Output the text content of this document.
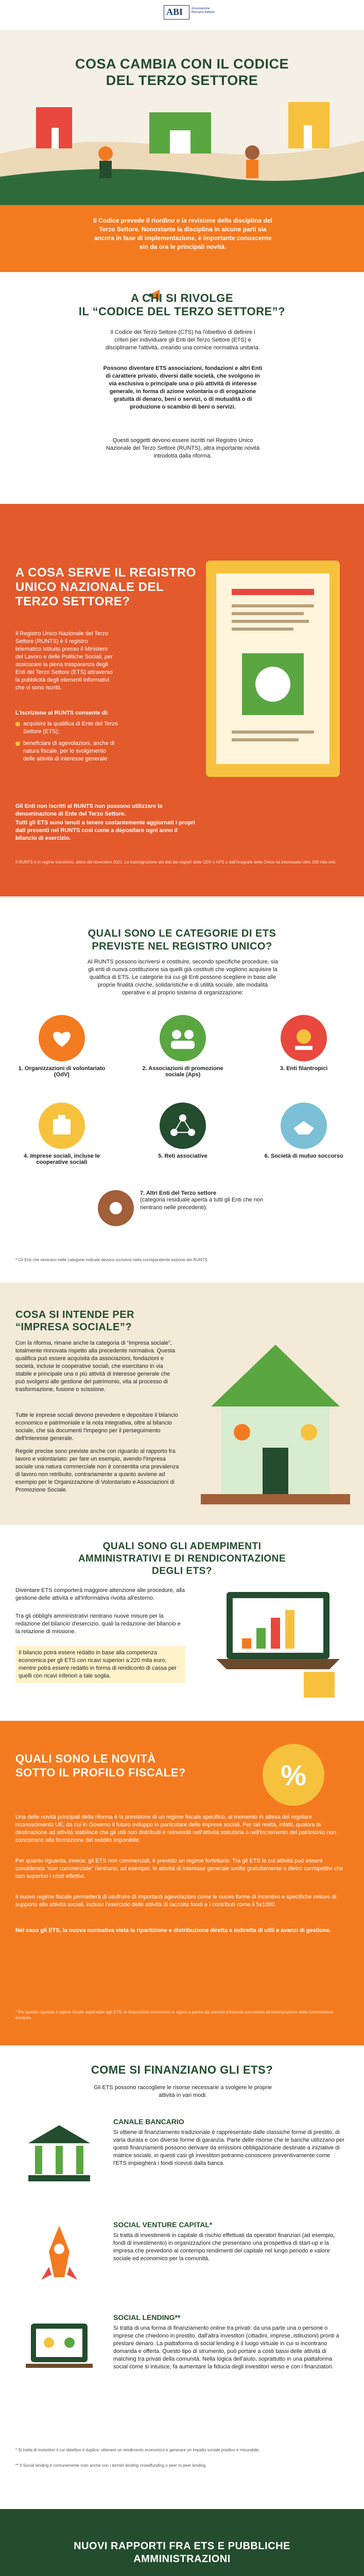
ABI	Associazione Bancaria Italiana
COSA CAMBIA CON IL CODICE
DEL TERZO SETTORE
Il Codice prevede il riordino e la revisione della disciplina del Terzo Settore. Nonostante la disciplina in alcune parti sia ancora in fase di implementazione, è importante conoscerne sin da ora le principali novità.
A CHI SI RIVOLGE
IL “CODICE DEL TERZO SETTORE”?
Il Codice del Terzo Settore (CTS) ha l'obiettivo di definire i criteri per individuare gli Enti del Terzo Settore (ETS) e disciplinarne l'attività, creando una cornice normativa unitaria.
Possono diventare ETS associazioni, fondazioni e altri Enti di carattere privato, diversi dalle società, che svolgono in via esclusiva o principale una o più attività di interesse generale, in forma di azione volontaria o di erogazione gratuita di denaro, beni o servizi, o di mutualità o di produzione o scambio di beni o servizi.
Questi soggetti devono essere iscritti nel Registro Unico Nazionale del Terzo Settore (RUNTS), altra importante novità introdotta dalla riforma.
A COSA SERVE IL REGISTRO
UNICO NAZIONALE DEL
TERZO SETTORE?
Il Registro Unico Nazionale del Terzo Settore (RUNTS) è il registro telematico istituito presso il Ministero del Lavoro e delle Politiche Sociali, per assicurare la piena trasparenza degli Enti del Terzo Settore (ETS) attraverso la pubblicità degli elementi informativi che vi sono iscritti.
L'iscrizione al RUNTS consente di:
acquisire la qualifica di Ente del Terzo Settore (ETS);
beneficiare di agevolazioni, anche di natura fiscale, per lo svolgimento delle attività di interesse generale
Gli Enti non iscritti al RUNTS non possono utilizzare la denominazione di Ente del Terzo Settore.
Tutti gli ETS sono tenuti a tenere costantemente aggiornati i propri dati presenti nel RUNTS così come a depositare ogni anno il bilancio di esercizio.
Il RUNTS è in regime transitorio, attivo dal novembre 2021. La trasmigrazione dei dati dai registri delle ODV e APS e dall'Anagrafe delle Onlus ha interessato oltre 100 mila enti.
QUALI SONO LE CATEGORIE DI ETS
PREVISTE NEL REGISTRO UNICO?
Al RUNTS possono iscriversi e costituire, secondo specifiche procedure, sia gli enti di nuova costituzione sia quelli già costituiti che vogliono acquisire la qualifica di ETS. Le categorie tra cui gli Enti possono scegliere in base alle proprie finalità civiche, solidaristiche e di utilità sociale, alle modalità operative e al proprio sistema di organizzazione:
1. Organizzazioni di volontariato (OdV)
2. Associazioni di promozione sociale (Aps)
3. Enti filantropici
4. Imprese sociali, incluse le cooperative sociali
5. Reti associative	6. Società di mutuo soccorso
7. Altri Enti del Terzo settore
(categoria residuale aperta a tutti gli Enti che non rientrano nelle precedenti).
* Gli Enti che rientrano nelle categorie indicate devono iscriversi nella corrispondente sezione del RUNTS.
COSA SI INTENDE PER
“IMPRESA SOCIALE”?
Con la riforma, rimane anche la categoria di “Impresa sociale”, totalmente rinnovata rispetto alla precedente normativa. Questa qualifica può essere acquisita da associazioni, fondazioni e società, incluse le cooperative sociali, che esercitano in via stabile e principale una o più attività di interesse generale che può svolgersi alle gestione del patrimonio, vita al processo di trasformazione, fusione o scissione.
Tutte le imprese sociali devono prevedere e depositare il bilancio economico e patrimoniale e la nota integrativa, oltre al bilancio sociale, che sia documenti l'impegno per il perseguimento dell'interesse generale.
Regole precise sono previste anche con riguardo al rapporto fra lavoro e volontariato: per fare un esempio, avendo l'impresa sociale una natura commerciale non è consentita una prevalenza di lavoro non retribuito, contrariamente a quanto avviene ad esempio per le Organizzazione di Volontariato e Associazioni di Promozione Sociale.
QUALI SONO GLI ADEMPIMENTI
AMMINISTRATIVI E DI RENDICONTAZIONE
DEGLI ETS?
Diventare ETS comporterà maggiore attenzione alle procedure, alla gestione delle attività e all'informativa rivolta all'esterno.
Tra gli obblighi amministrativi rientrano nuove misure per la redazione del bilancio d'esercizio, quali la redazione del bilancio e la relazione di missione.
Il bilancio potrà essere redatto in base alla competenza economica per gli ETS con ricavi superiori a 220 mila euro, mentre potrà essere redatto in forma di rendiconto di cassa per quelli con ricavi inferiori a tale soglia.
QUALI SONO LE NOVITÀ
SOTTO IL PROFILO FISCALE?	%
Una delle novità principali della riforma è la previsione di un regime fiscale specifico, al momento in attesa del regolare riconoscimento UE, da cui in Governo il futuro sviluppo in particolare delle imprese sociali. Per tali realtà, infatti, qualora la destinazione ad attività stabilisce che gli utili non distribuiti e reinvestiti nell'attività statutaria o nell'incremento del patrimonio non concorrano alla formazione del reddito imponibile.
Per quanto riguarda, invece, gli ETS non commerciali, è previsto un regime forfettario. Tra gli ETS la cui attività può essere considerata “non commerciale” rientrano, ad esempio, le attività di interesse generale svolte gratuitamente o dietro corrispettivi che non superino i costi effettivi.
Il nuovo regime fiscale permetterà di usufruire di importanti agevolazioni come le nuove forme di incentivo e specifiche misure di supporto alle attività sociali, incluso l'esercizio delle attività di raccolta fondi e i contributi come il 5x1000.
Nel caso gli ETS, la nuova normativa vieta la ripartizione e distribuzione diretta e indiretta di utili e avanzi di gestione.
* Per quanto riguarda il regime fiscale applicabile agli ETS, le disposizioni entreranno in vigore a partire dal periodo d'imposta successivo all'autorizzazione della Commissione europea.
COME SI FINANZIANO GLI ETS?
Gli ETS possono raccogliere le risorse necessarie a svolgere le proprie attività in vari modi.
CANALE BANCARIO
Si ottiene di finanziamento tradizionale è rappresentato dalle classiche forme di prestito, di varia durata e con diverse forme di garanzia. Parte delle risorse che le banche utilizzano per questi finanziamenti possono derivare da emissioni obbligazionarie destinate a iniziative di matrice sociale, in questi casi gli investitori potranno conoscere preventivamente come l'ETS impiegherà i fondi ricevuti dalla banca.
SOCIAL VENTURE CAPITAL*
Si tratta di investimenti in capitale di rischio effettuati da operatori finanziari (ad esempio, fondi di investimento) in organizzazioni che presentano una prospettiva di start-up e la impresa che prevedono al contempo rendimenti del capitale nel lungo periodo e valore sociale ed economico per la comunità.
SOCIAL LENDING**
Si tratta di una forma di finanziamento online tra privati: da una parte una o persone o imprese che chiedono in prestito, dall'altra investitori (cittadini, imprese, istituzioni) pronti a prestare denaro. La piattaforma di social lending è il luogo virtuale in cui si incontrano domanda e offerta. Questo tipo di strumento, può portare a costi bassi delle attività di matching tra privati della comunità. Nella logica dell'aiuto, soprattutto in una piattaforma social come si intuisce, fa aumentare la fiducia degli investitori verso e con i finanziatori.
* Si tratta di investitori il cui obiettivo è duplice: ottenere un rendimento economico e generare un impatto sociale positivo e misurabile.
** Il Social lending è comunemente noto anche con i termini lending crowdfunding o peer to peer lending.
NUOVI RAPPORTI FRA ETS E PUBBLICHE
AMMINISTRAZIONI
